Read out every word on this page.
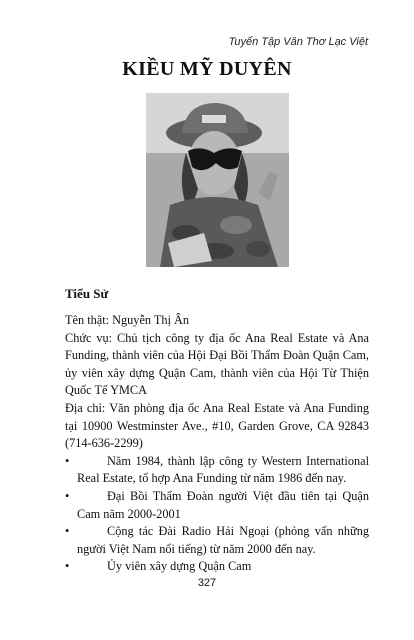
Tuyển Tập Văn Thơ Lạc Việt
KIỀU MỸ DUYÊN
Tiểu Sử

Tên thật: Nguyễn Thị Ân

Chức vụ: Chủ tịch công ty địa ốc Ana Real Estate và Ana Funding, thành viên của Hội Đại Bồi Thẩm Đoàn Quận Cam, ủy viên xây dựng Quận Cam, thành viên của Hội Từ Thiện Quốc Tế YMCA

Địa chỉ: Văn phòng địa ốc Ana Real Estate và Ana Funding tại 10900 Westminster Ave., #10, Garden Grove, CA 92843 (714-636-2299)

•	Năm 1984, thành lập công ty Western International Real Estate, tổ hợp Ana Funding từ năm 1986 đến nay.
•	Đại Bồi Thẩm Đoàn người Việt đầu tiên tại Quận Cam năm 2000-2001
•	Cộng tác Đài Radio Hải Ngoại (phỏng vấn những người Việt Nam nổi tiếng) từ năm 2000 đến nay.
•	Ủy viên xây dựng Quận Cam
327
